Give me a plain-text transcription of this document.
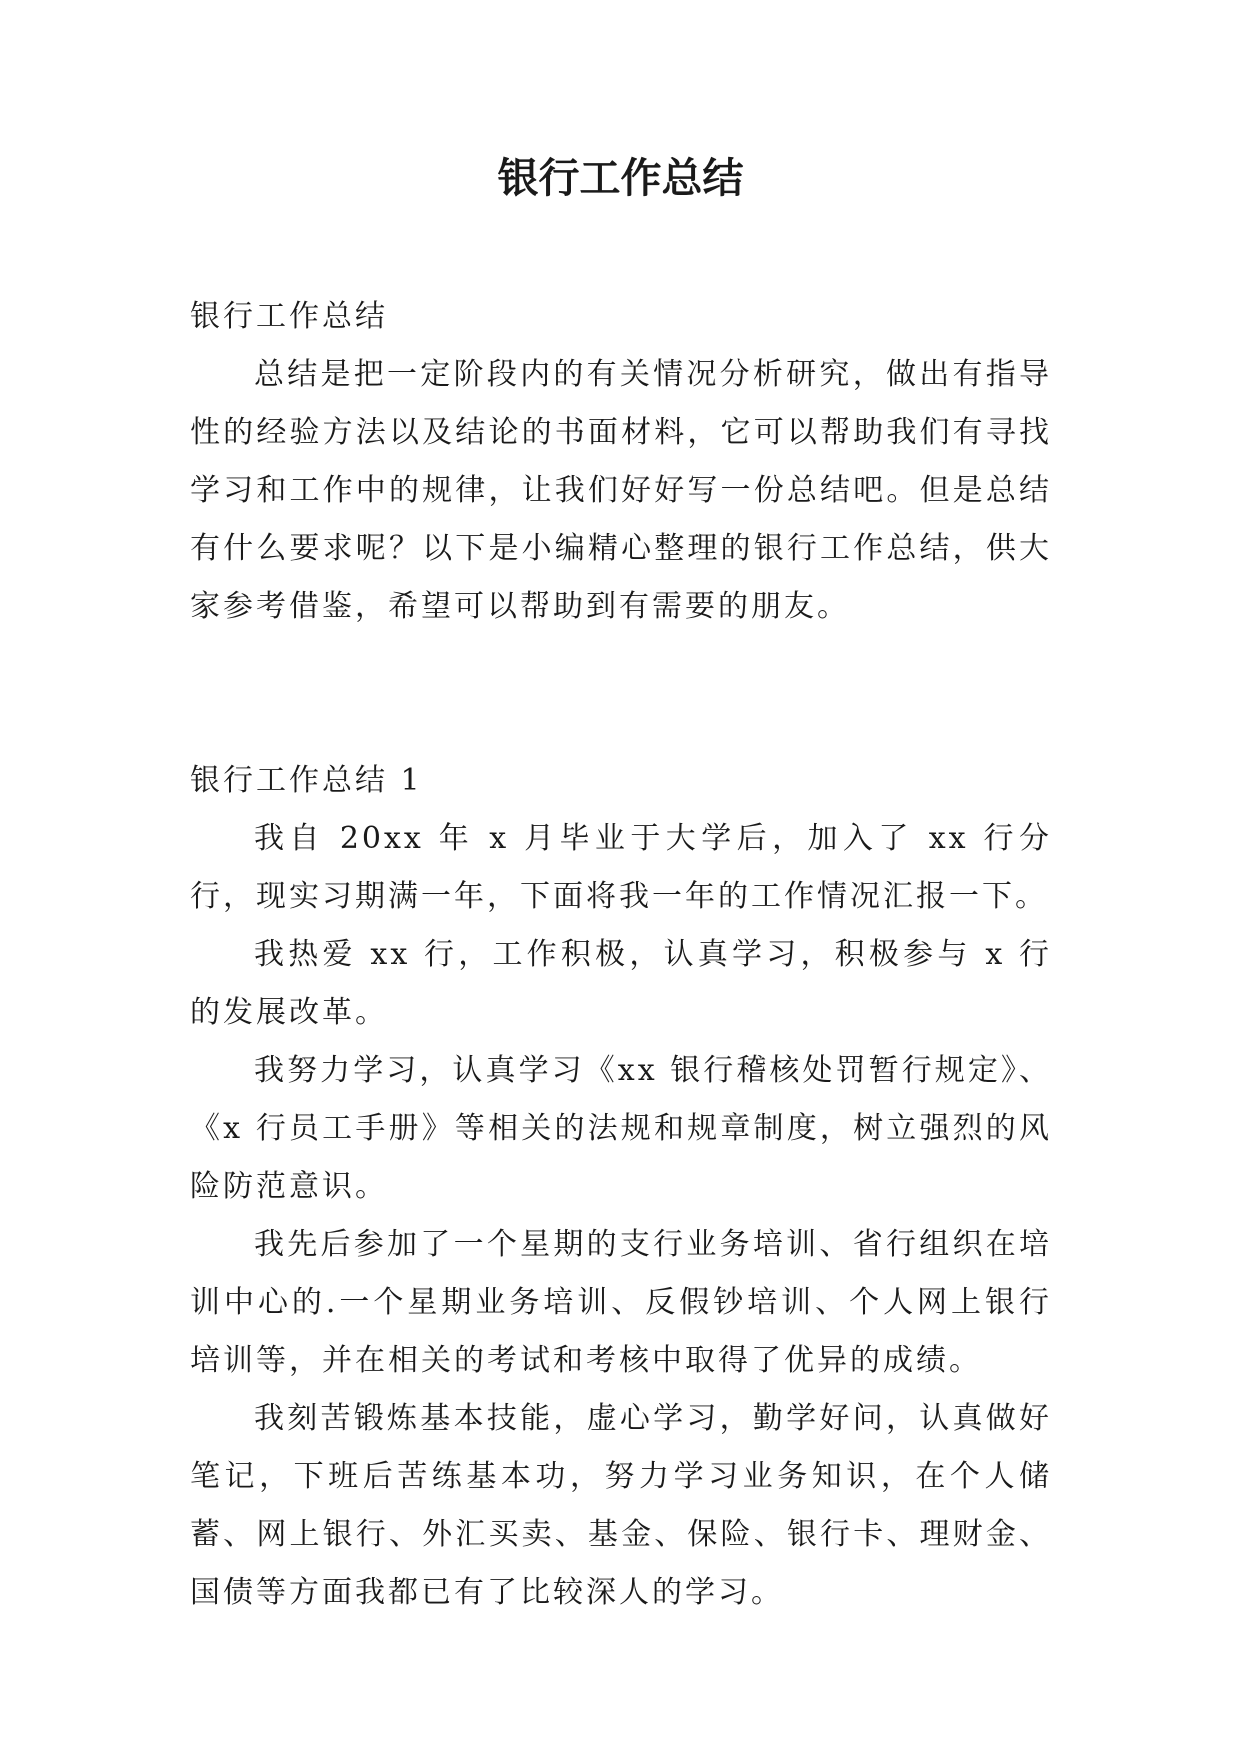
银行工作总结

银行工作总结

总结是把一定阶段内的有关情况分析研究，做出有指导性的经验方法以及结论的书面材料，它可以帮助我们有寻找学习和工作中的规律，让我们好好写一份总结吧。但是总结有什么要求呢？以下是小编精心整理的银行工作总结，供大家参考借鉴，希望可以帮助到有需要的朋友。

银行工作总结 1

我自 20xx 年 x 月毕业于大学后，加入了 xx 行分行，现实习期满一年，下面将我一年的工作情况汇报一下。

我热爱 xx 行，工作积极，认真学习，积极参与 x 行的发展改革。

我努力学习，认真学习《xx 银行稽核处罚暂行规定》、《x 行员工手册》等相关的法规和规章制度，树立强烈的风险防范意识。

我先后参加了一个星期的支行业务培训、省行组织在培训中心的.一个星期业务培训、反假钞培训、个人网上银行培训等，并在相关的考试和考核中取得了优异的成绩。

我刻苦锻炼基本技能，虚心学习，勤学好问，认真做好笔记，下班后苦练基本功，努力学习业务知识，在个人储蓄、网上银行、外汇买卖、基金、保险、银行卡、理财金、国债等方面我都已有了比较深人的学习。
